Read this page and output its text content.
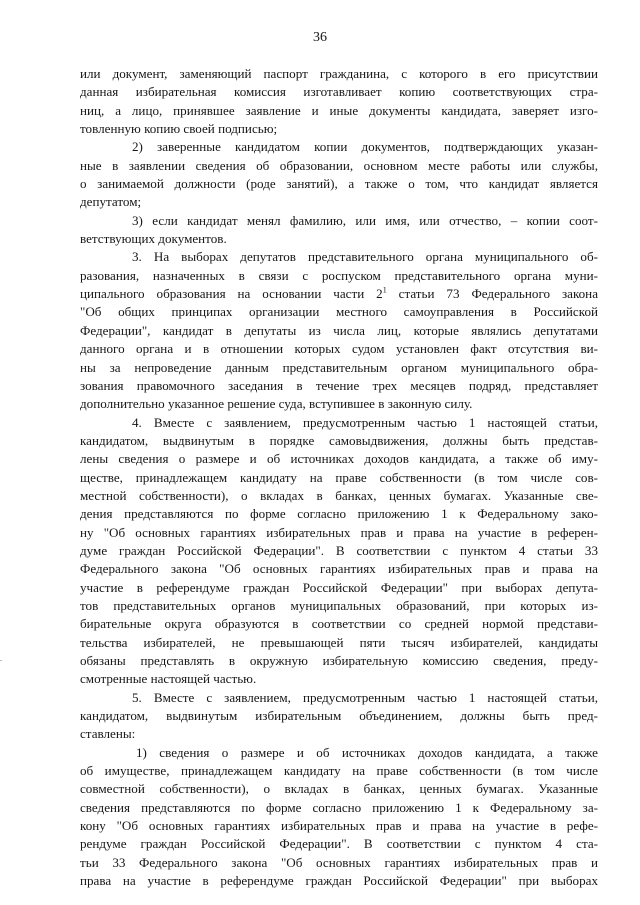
36
или документ, заменяющий паспорт гражданина, с которого в его присутствии
данная избирательная комиссия изготавливает копию соответствующих стра-
ниц, а лицо, принявшее заявление и иные документы кандидата, заверяет изго-
товленную копию своей подписью;
2) заверенные кандидатом копии документов, подтверждающих указан-
ные в заявлении сведения об образовании, основном месте работы или службы,
о занимаемой должности (роде занятий), а также о том, что кандидат является
депутатом;
3) если кандидат менял фамилию, или имя, или отчество, – копии соот-
ветствующих документов.
3. На выборах депутатов представительного органа муниципального об-
разования, назначенных в связи с роспуском представительного органа муни-
ципального образования на основании части $2^1$ статьи 73 Федерального закона
"Об общих принципах организации местного самоуправления в Российской
Федерации", кандидат в депутаты из числа лиц, которые являлись депутатами
данного органа и в отношении которых судом установлен факт отсутствия ви-
ны за непроведение данным представительным органом муниципального обра-
зования правомочного заседания в течение трех месяцев подряд, представляет
дополнительно указанное решение суда, вступившее в законную силу.
4. Вместе с заявлением, предусмотренным частью 1 настоящей статьи,
кандидатом, выдвинутым в порядке самовыдвижения, должны быть представ-
лены сведения о размере и об источниках доходов кандидата, а также об иму-
ществе, принадлежащем кандидату на праве собственности (в том числе сов-
местной собственности), о вкладах в банках, ценных бумагах. Указанные све-
дения представляются по форме согласно приложению 1 к Федеральному зако-
ну "Об основных гарантиях избирательных прав и права на участие в референ-
думе граждан Российской Федерации". В соответствии с пунктом 4 статьи 33
Федерального закона "Об основных гарантиях избирательных прав и права на
участие в референдуме граждан Российской Федерации" при выборах депута-
тов представительных органов муниципальных образований, при которых из-
бирательные округа образуются в соответствии со средней нормой представи-
тельства избирателей, не превышающей пяти тысяч избирателей, кандидаты
обязаны представлять в окружную избирательную комиссию сведения, преду-
смотренные настоящей частью.
5. Вместе с заявлением, предусмотренным частью 1 настоящей статьи,
кандидатом, выдвинутым избирательным объединением, должны быть пред-
ставлены:
1) сведения о размере и об источниках доходов кандидата, а также
об имуществе, принадлежащем кандидату на праве собственности (в том числе
совместной собственности), о вкладах в банках, ценных бумагах. Указанные
сведения представляются по форме согласно приложению 1 к Федеральному за-
кону "Об основных гарантиях избирательных прав и права на участие в рефе-
рендуме граждан Российской Федерации". В соответствии с пунктом 4 ста-
тьи 33 Федерального закона "Об основных гарантиях избирательных прав и
права на участие в референдуме граждан Российской Федерации" при выборах
